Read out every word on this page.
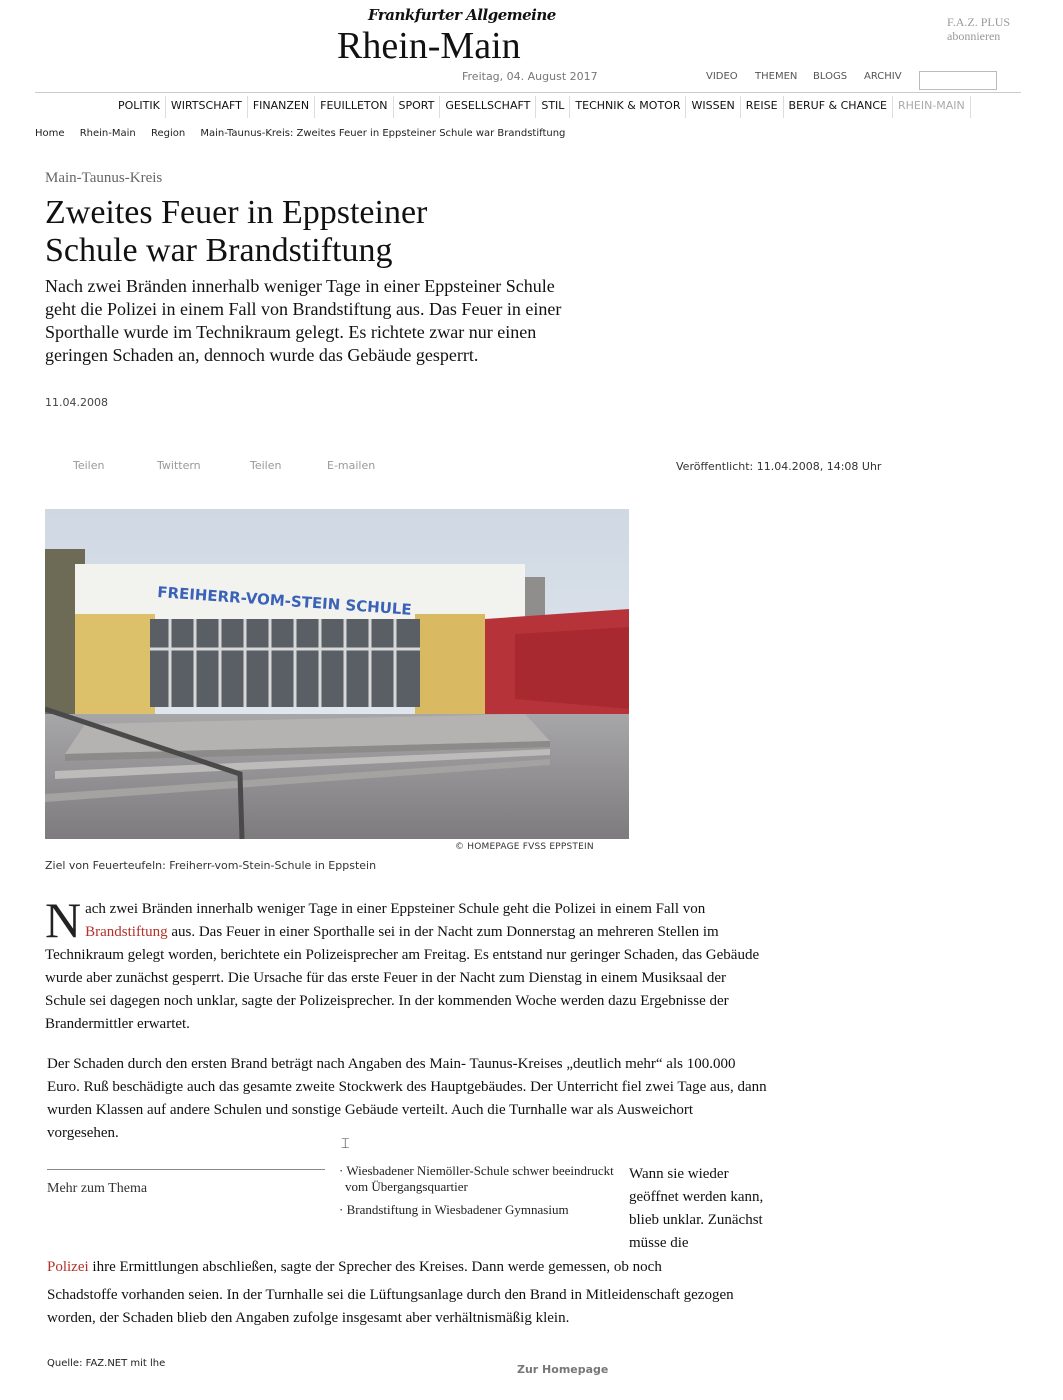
Frankfurter Allgemeine
Rhein-Main
F.A.Z. PLUS
abonnieren
Freitag, 04. August 2017	VIDEO THEMEN BLOGS ARCHIV
POLITIK	WIRTSCHAFT	FINANZEN	FEUILLETON	SPORT	GESELLSCHAFT	STIL	TECHNIK & MOTOR	WISSEN	REISE	BERUF & CHANCE	RHEIN-MAIN
Home Rhein-Main Region Main-Taunus-Kreis: Zweites Feuer in Eppsteiner Schule war Brandstiftung
Main-Taunus-Kreis
Zweites Feuer in Eppsteiner
Schule war Brandstiftung

Nach zwei Bränden innerhalb weniger Tage in einer Eppsteiner Schule geht die Polizei in einem Fall von Brandstiftung aus. Das Feuer in einer Sporthalle wurde im Technikraum gelegt. Es richtete zwar nur einen geringen Schaden an, dennoch wurde das Gebäude gesperrt.

11.04.2008
Teilen	Twittern	Teilen	E-mailen	Veröffentlicht: 11.04.2008, 14:08 Uhr
FREIHERR-VOM-STEIN SCHULE
© HOMEPAGE FVSS EPPSTEIN
Ziel von Feuerteufeln: Freiherr-vom-Stein-Schule in Eppstein

Nach zwei Bränden innerhalb weniger Tage in einer Eppsteiner Schule geht die Polizei in einem Fall von Brandstiftung aus. Das Feuer in einer Sporthalle sei in der Nacht zum Donnerstag an mehreren Stellen im Technikraum gelegt worden, berichtete ein Polizeisprecher am Freitag. Es entstand nur geringer Schaden, das Gebäude wurde aber zunächst gesperrt. Die Ursache für das erste Feuer in der Nacht zum Dienstag in einem Musiksaal der Schule sei dagegen noch unklar, sagte der Polizeisprecher. In der kommenden Woche werden dazu Ergebnisse der Brandermittler erwartet.

Der Schaden durch den ersten Brand beträgt nach Angaben des Main- Taunus-Kreises „deutlich mehr“ als 100.000 Euro. Ruß beschädigte auch das gesamte zweite Stockwerk des Hauptgebäudes. Der Unterricht fiel zwei Tage aus, dann wurden Klassen auf andere Schulen und sonstige Gebäude verteilt. Auch die Turnhalle war als Ausweichort vorgesehen.

⌶
Mehr zum Thema
· Wiesbadener Niemöller-Schule schwer beeindruckt vom Übergangsquartier
· Brandstiftung in Wiesbadener Gymnasium

Wann sie wieder geöffnet werden kann, blieb unklar. Zunächst müsse die

Polizei ihre Ermittlungen abschließen, sagte der Sprecher des Kreises. Dann werde gemessen, ob noch

Schadstoffe vorhanden seien. In der Turnhalle sei die Lüftungsanlage durch den Brand in Mitleidenschaft gezogen worden, der Schaden blieb den Angaben zufolge insgesamt aber verhältnismäßig klein.

Quelle: FAZ.NET mit lhe	Zur Homepage
